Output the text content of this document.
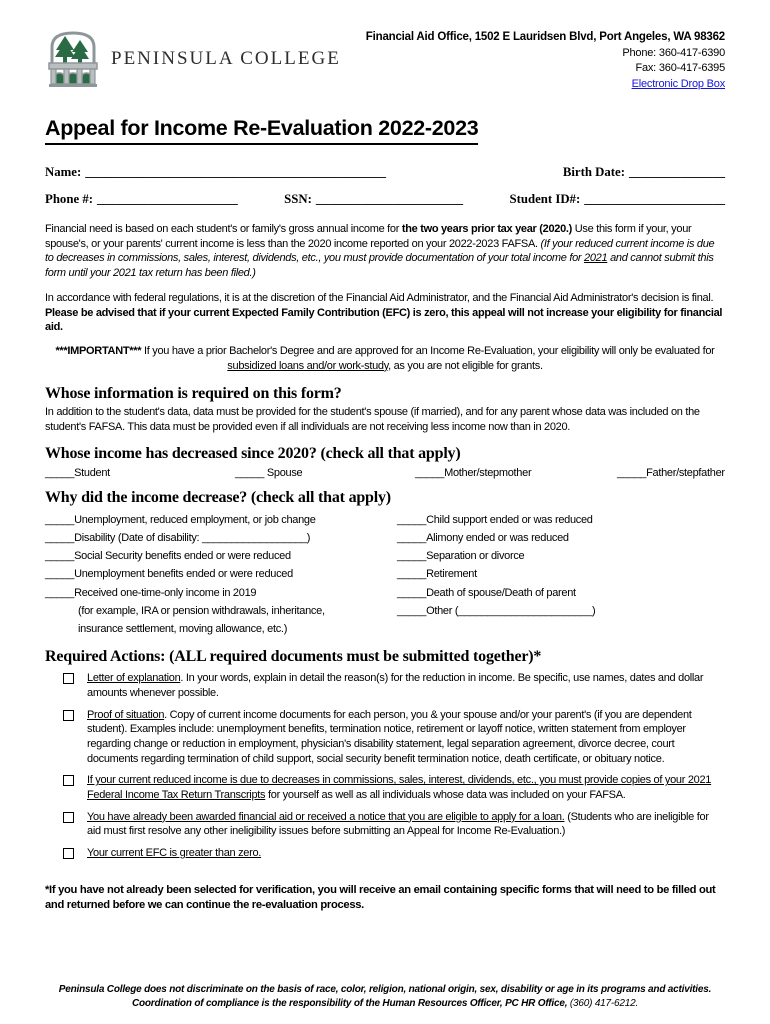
PENINSULA COLLEGE
Financial Aid Office, 1502 E Lauridsen Blvd, Port Angeles, WA 98362
Phone: 360-417-6390
Fax: 360-417-6395
Electronic Drop Box
Appeal for Income Re-Evaluation 2022-2023
Name: _______________________________________________	Birth Date: _______________
Phone #: ______________________	SSN: _______________________	Student ID#: ______________________

Financial need is based on each student's or family's gross annual income for the two years prior tax year (2020.) Use this form if your, your spouse's, or your parents' current income is less than the 2020 income reported on your 2022-2023 FAFSA. (If your reduced current income is due to decreases in commissions, sales, interest, dividends, etc., you must provide documentation of your total income for 2021 and cannot submit this form until your 2021 tax return has been filed.)

In accordance with federal regulations, it is at the discretion of the Financial Aid Administrator, and the Financial Aid Administrator's decision is final. Please be advised that if your current Expected Family Contribution (EFC) is zero, this appeal will not increase your eligibility for financial aid.

***IMPORTANT*** If you have a prior Bachelor's Degree and are approved for an Income Re-Evaluation, your eligibility will only be evaluated for subsidized loans and/or work-study, as you are not eligible for grants.

Whose information is required on this form?

In addition to the student's data, data must be provided for the student's spouse (if married), and for any parent whose data was included on the student's FAFSA. This data must be provided even if all individuals are not receiving less income now than in 2020.

Whose income has decreased since 2020? (check all that apply)
_____Student	_____ Spouse	_____Mother/stepmother	_____Father/stepfather
Why did the income decrease? (check all that apply)
_____Unemployment, reduced employment, or job change
_____Disability (Date of disability: __________________)
_____Social Security benefits ended or were reduced
_____Unemployment benefits ended or were reduced
_____Received one-time-only income in 2019
(for example, IRA or pension withdrawals, inheritance,
insurance settlement, moving allowance, etc.)
_____Child support ended or was reduced
_____Alimony ended or was reduced
_____Separation or divorce
_____Retirement
_____Death of spouse/Death of parent
_____Other (_______________________)
Required Actions: (ALL required documents must be submitted together)*
Letter of explanation. In your words, explain in detail the reason(s) for the reduction in income. Be specific, use names, dates and dollar amounts whenever possible.
Proof of situation. Copy of current income documents for each person, you & your spouse and/or your parent's (if you are dependent student). Examples include: unemployment benefits, termination notice, retirement or layoff notice, written statement from employer regarding change or reduction in employment, physician's disability statement, legal separation agreement, divorce decree, court documents regarding termination of child support, social security benefit termination notice, death certificate, or obituary notice.
If your current reduced income is due to decreases in commissions, sales, interest, dividends, etc., you must provide copies of your 2021 Federal Income Tax Return Transcripts for yourself as well as all individuals whose data was included on your FAFSA.
You have already been awarded financial aid or received a notice that you are eligible to apply for a loan. (Students who are ineligible for aid must first resolve any other ineligibility issues before submitting an Appeal for Income Re-Evaluation.)
Your current EFC is greater than zero.

*If you have not already been selected for verification, you will receive an email containing specific forms that will need to be filled out and returned before we can continue the re-evaluation process.

Peninsula College does not discriminate on the basis of race, color, religion, national origin, sex, disability or age in its programs and activities. Coordination of compliance is the responsibility of the Human Resources Officer, PC HR Office, (360) 417-6212.
